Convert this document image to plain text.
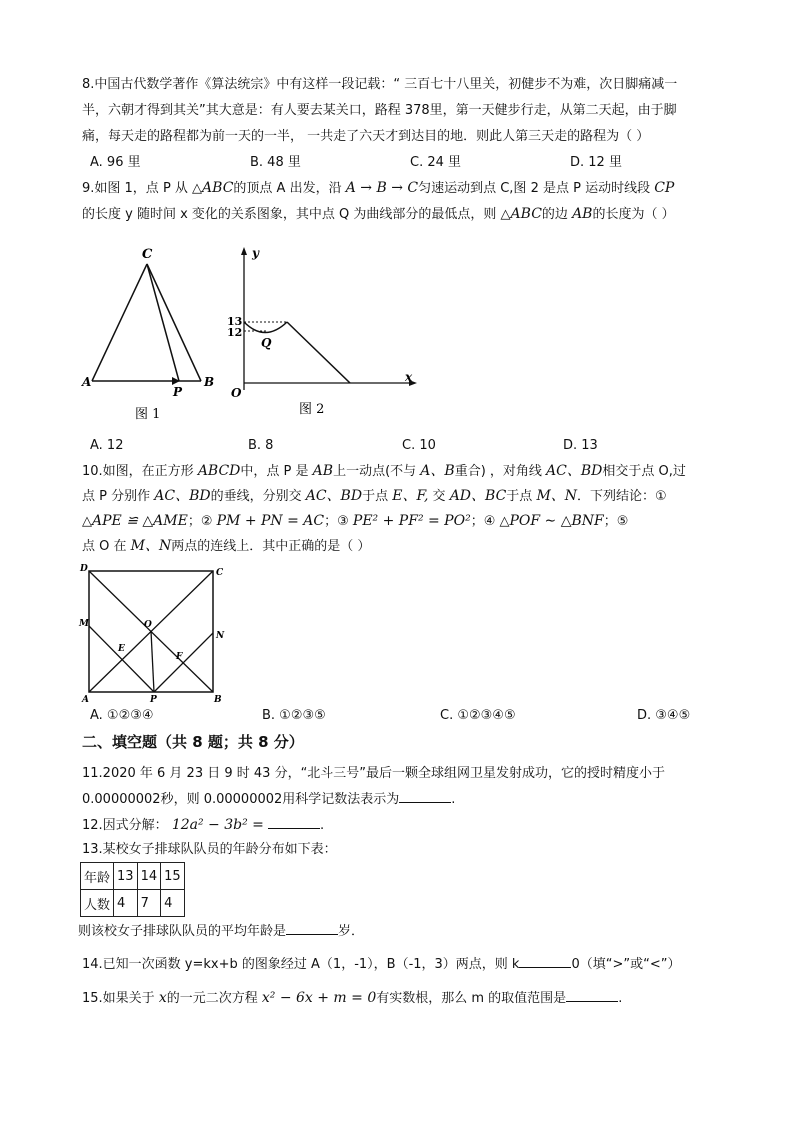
8.中国古代数学著作《算法统宗》中有这样一段记载：“ 三百七十八里关，初健步不为难，次日脚痛减一
半，六朝才得到其关”其大意是：有人要去某关口，路程 378里，第一天健步行走，从第二天起，由于脚
痛，每天走的路程都为前一天的一半， 一共走了六天才到达目的地．则此人第三天走的路程为（ ）
A. 96 里	B. 48 里	C. 24 里	D. 12 里
9.如图 1，点 P 从 △ABC的顶点 A 出发，沿 A → B → C匀速运动到点 C,图 2 是点 P 运动时线段 CP
的长度 y 随时间 x 变化的关系图象，其中点 Q 为曲线部分的最低点，则 △ABC的边 AB的长度为（ ）
C
A
P
B
图 1
y
x
O
13
12
Q
图 2
A. 12	B. 8	C. 10	D. 13
10.如图，在正方形 ABCD中，点 P 是 AB上一动点(不与 A、B重合) ，对角线 AC、BD相交于点 O,过
点 P 分别作 AC、BD的垂线，分别交 AC、BD于点 E、F, 交 AD、BC于点 M、N．下列结论：①
△APE ≌ △AME；② PM + PN = AC；③ PE² + PF² = PO²；④ △POF ∼ △BNF；⑤
点 O 在 M、N两点的连线上．其中正确的是（ ）
D	C
M	O
N
E
F
A	P	B
A. ①②③④	B. ①②③⑤	C. ①②③④⑤	D. ③④⑤
二、填空题（共 8 题；共 8 分）
11.2020 年 6 月 23 日 9 时 43 分，“北斗三号”最后一颗全球组网卫星发射成功，它的授时精度小于
0.00000002秒，则 0.00000002用科学记数法表示为	.
12.因式分解： 12a² − 3b² =	.
13.某校女子排球队队员的年龄分布如下表：
年龄	13	14	15
人数	4	7	4
则该校女子排球队队员的平均年龄是	岁．
14.已知一次函数 y=kx+b 的图象经过 A（1，-1），B（-1，3）两点，则 k	0（填“>”或“<”）
15.如果关于 x的一元二次方程 x² − 6x + m = 0有实数根，那么 m 的取值范围是	.
